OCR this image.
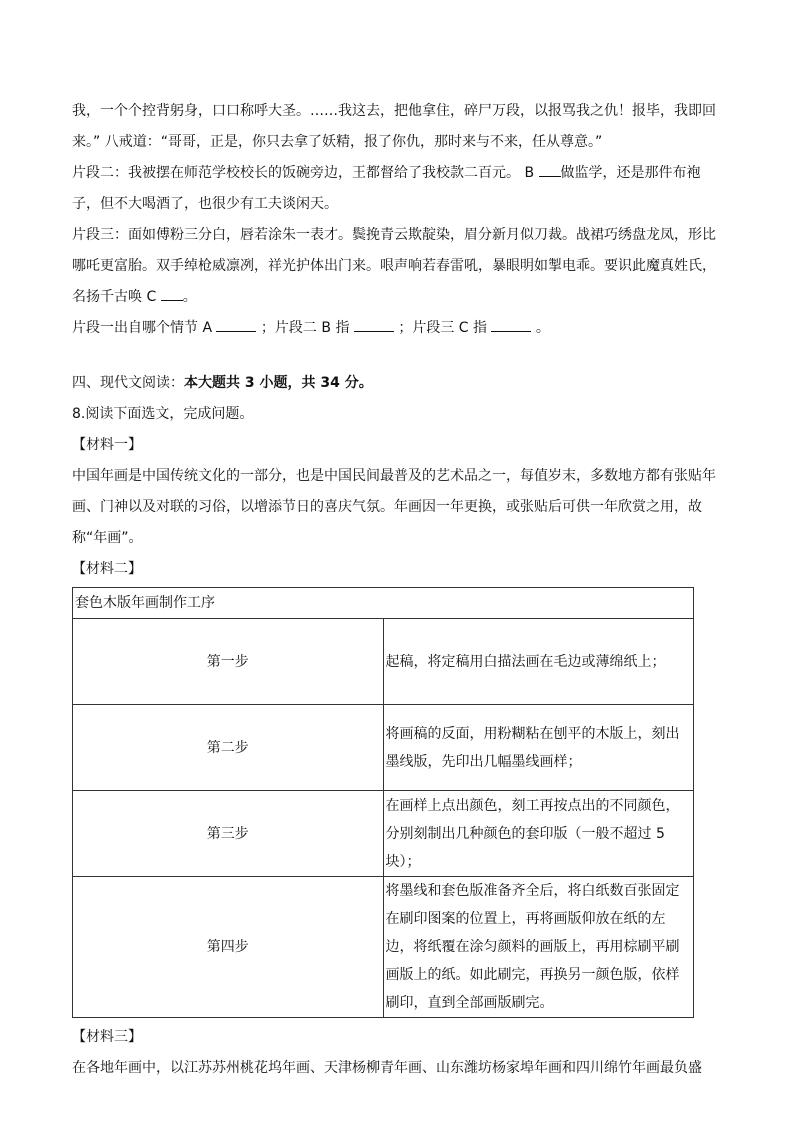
我，一个个控背躬身，口口称呼大圣。……我这去，把他拿住，碎尸万段，以报骂我之仇！报毕，我即回来。” 八戒道：“哥哥，正是，你只去拿了妖精，报了你仇，那时来与不来，任从尊意。”

片段二：我被摆在师范学校校长的饭碗旁边，王都督给了我校款二百元。 B 做监学，还是那件布袍子，但不大喝酒了，也很少有工夫谈闲天。

片段三：面如傅粉三分白，唇若涂朱一表才。鬓挽青云欺靛染，眉分新月似刀裁。战裙巧绣盘龙凤，形比哪吒更富胎。双手绰枪威凛冽，祥光护体出门来。哏声响若春雷吼，暴眼明如掣电乖。要识此魔真姓氏，名扬千古唤 C 。

片段一出自哪个情节 A	；片段二 B 指	；片段三 C 指	。

四、现代文阅读：本大题共 3 小题，共 34 分。

8.阅读下面选文，完成问题。

【材料一】

中国年画是中国传统文化的一部分，也是中国民间最普及的艺术品之一，每值岁末，多数地方都有张贴年画、门神以及对联的习俗，以增添节日的喜庆气氛。年画因一年更换，或张贴后可供一年欣赏之用，故称“年画”。

【材料二】

套色木版年画制作工序	
第一步	起稿，将定稿用白描法画在毛边或薄绵纸上；
第二步	将画稿的反面，用粉糊粘在刨平的木版上，刻出墨线版，先印出几幅墨线画样；
第三步	在画样上点出颜色，刻工再按点出的不同颜色，分别刻制出几种颜色的套印版（一般不超过 5 块）；
第四步	将墨线和套色版准备齐全后，将白纸数百张固定在刷印图案的位置上，再将画版仰放在纸的左边，将纸覆在涂匀颜料的画版上，再用棕刷平刷画版上的纸。如此刷完，再换另一颜色版，依样刷印，直到全部画版刷完。

【材料三】

在各地年画中，以江苏苏州桃花坞年画、天津杨柳青年画、山东潍坊杨家埠年画和四川绵竹年画最负盛
